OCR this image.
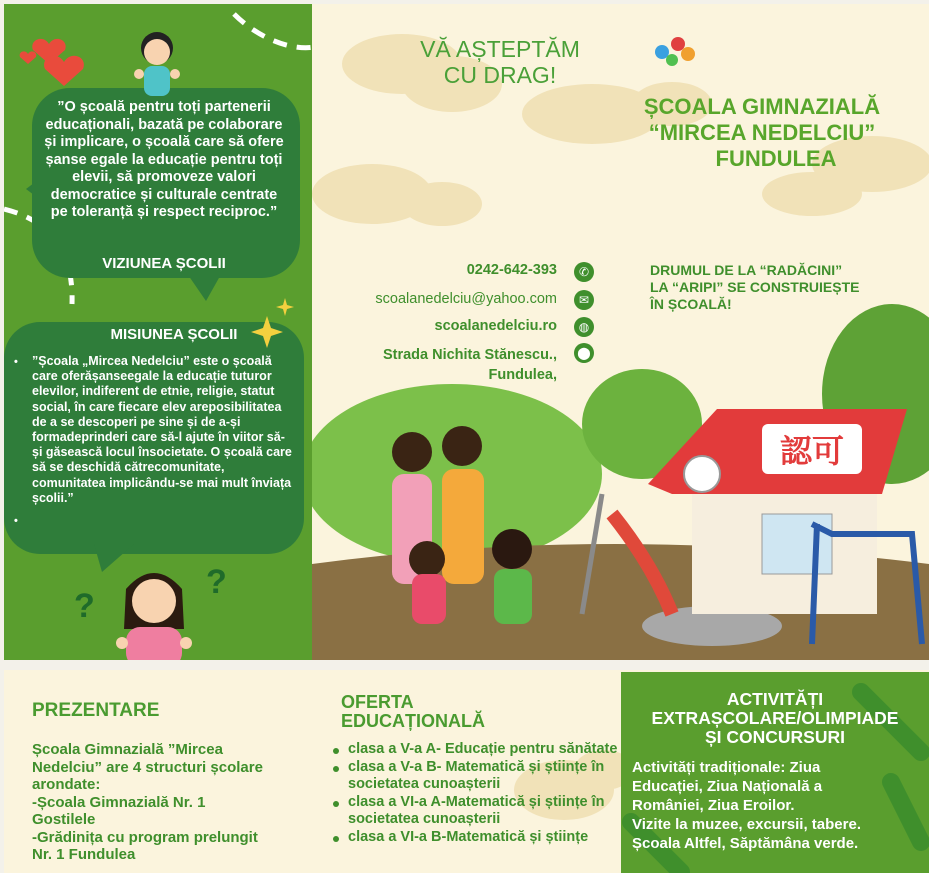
”O școală pentru toți partenerii educaționali, bazată pe colaborare și implicare, o școală care să ofere șanse egale la educație pentru toți elevii, să promoveze valori democratice și culturale centrate pe toleranță și respect reciproc.”
VIZIUNEA ȘCOLII
MISIUNEA ȘCOLII
•	”Școala „Mircea Nedelciu” este o școală care oferășanseegale la educație tuturor elevilor, indiferent de etnie, religie, statut social, în care fiecare elev areposibilitatea de a se descoperi pe sine și de a-și formadeprinderi care să-l ajute în viitor să-și găsească locul însocietate. O școală care să se deschidă cătrecomunitate, comunitatea implicându-se mai mult înviața școlii.”

•
?
?
VĂ AȘTEPTĂM
CU DRAG!
ȘCOALA GIMNAZIALĂ
“MIRCEA NEDELCIU”
FUNDULEA
DRUMUL DE LA “RADĂCINI”
LA “ARIPI” SE CONSTRUIEȘTE
ÎN ȘCOALĂ!
認可
0242-642-393	✆
scoalanedelciu@yahoo.com	✉
scoalanedelciu.ro	◍
Strada Nichita Stănescu.,
Fundulea,
⬤
PREZENTARE
Școala Gimnazială ”Mircea
Nedelciu” are 4 structuri școlare
arondate:
-Școala Gimnazială Nr. 1
Gostilele
-Grădinița cu program prelungit
Nr. 1 Fundulea
OFERTA
EDUCAȚIONALĂ
clasa a V-a A- Educație pentru sănătate
clasa a V-a B- Matematică și științe în societatea cunoașterii
clasa a VI-a A-Matematică și științe în societatea cunoașterii
clasa a VI-a B-Matematică și științe
ACTIVITĂȚI
EXTRAȘCOLARE/OLIMPIADE
ȘI CONCURSURI
Activități tradiționale: Ziua
Educației, Ziua Națională a
României, Ziua Eroilor.
Vizite la muzee, excursii, tabere.
Școala Altfel, Săptămâna verde.
